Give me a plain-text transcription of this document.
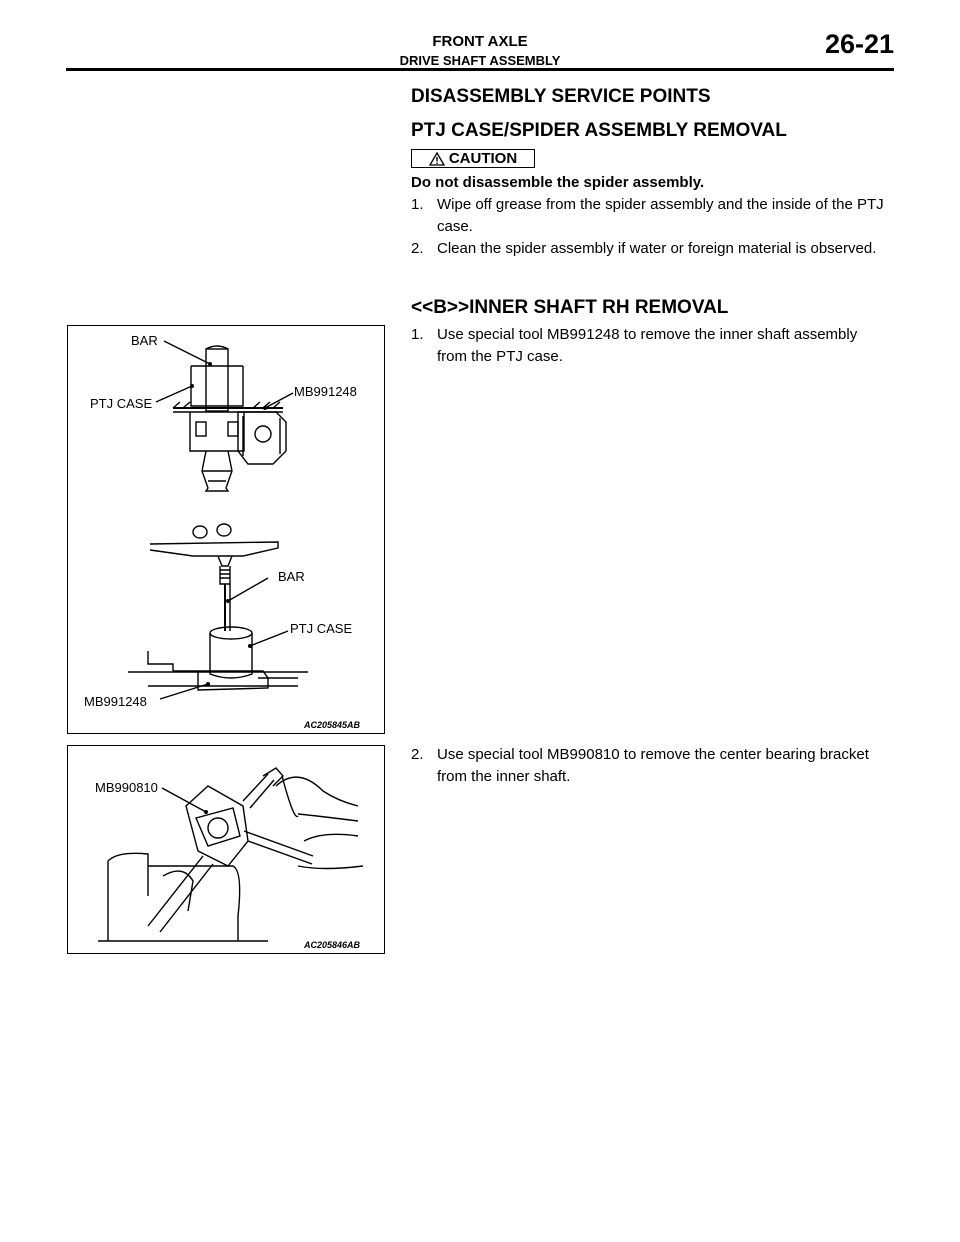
FRONT AXLE
DRIVE SHAFT ASSEMBLY
26-21
DISASSEMBLY SERVICE POINTS
PTJ CASE/SPIDER ASSEMBLY REMOVAL
CAUTION
Do not disassemble the spider assembly.
1. Wipe off grease from the spider assembly and the inside of the PTJ case.
2. Clean the spider assembly if water or foreign material is observed.
<<B>>INNER SHAFT RH REMOVAL
1. Use special tool MB991248 to remove the inner shaft assembly from the PTJ case.
2. Use special tool MB990810 to remove the center bearing bracket from the inner shaft.
BAR
PTJ CASE
MB991248
BAR
PTJ CASE
MB991248
AC205845AB
MB990810
AC205846AB
